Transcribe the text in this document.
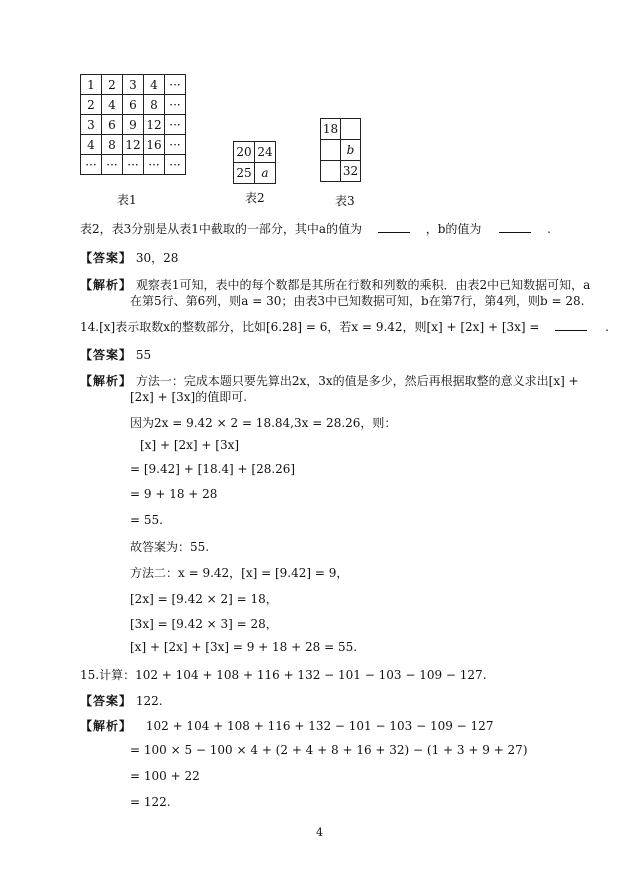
1	2	3	4	···
2	4	6	8	···
3	6	9	12	···
4	8	12	16	···
···	···	···	···	···
表1
20	24
25	a
表2
18	
	b
	32
表3
表2，表3分别是从表1中截取的一部分，其中a的值为	，b的值为	.
【答案】 30，28
【解析】 观察表1可知，表中的每个数都是其所在行数和列数的乘积．由表2中已知数据可知，a
在第5行、第6列，则a = 30；由表3中已知数据可知，b在第7行，第4列，则b = 28.
14.[x]表示取数x的整数部分，比如[6.28] = 6，若x = 9.42，则[x] + [2x] + [3x] =	.
【答案】 55
【解析】 方法一：完成本题只要先算出2x，3x的值是多少，然后再根据取整的意义求出[x] +
[2x] + [3x]的值即可.
因为2x = 9.42 × 2 = 18.84,3x = 28.26，则：
[x] + [2x] + [3x]
= [9.42] + [18.4] + [28.26]
= 9 + 18 + 28
= 55.
故答案为：55.
方法二：x = 9.42，[x] = [9.42] = 9，
[2x] = [9.42 × 2] = 18，
[3x] = [9.42 × 3] = 28，
[x] + [2x] + [3x] = 9 + 18 + 28 = 55.
15.计算：102 + 104 + 108 + 116 + 132 − 101 − 103 − 109 − 127.
【答案】 122.
【解析】 102 + 104 + 108 + 116 + 132 − 101 − 103 − 109 − 127
= 100 × 5 − 100 × 4 + (2 + 4 + 8 + 16 + 32) − (1 + 3 + 9 + 27)
= 100 + 22
= 122.
4
